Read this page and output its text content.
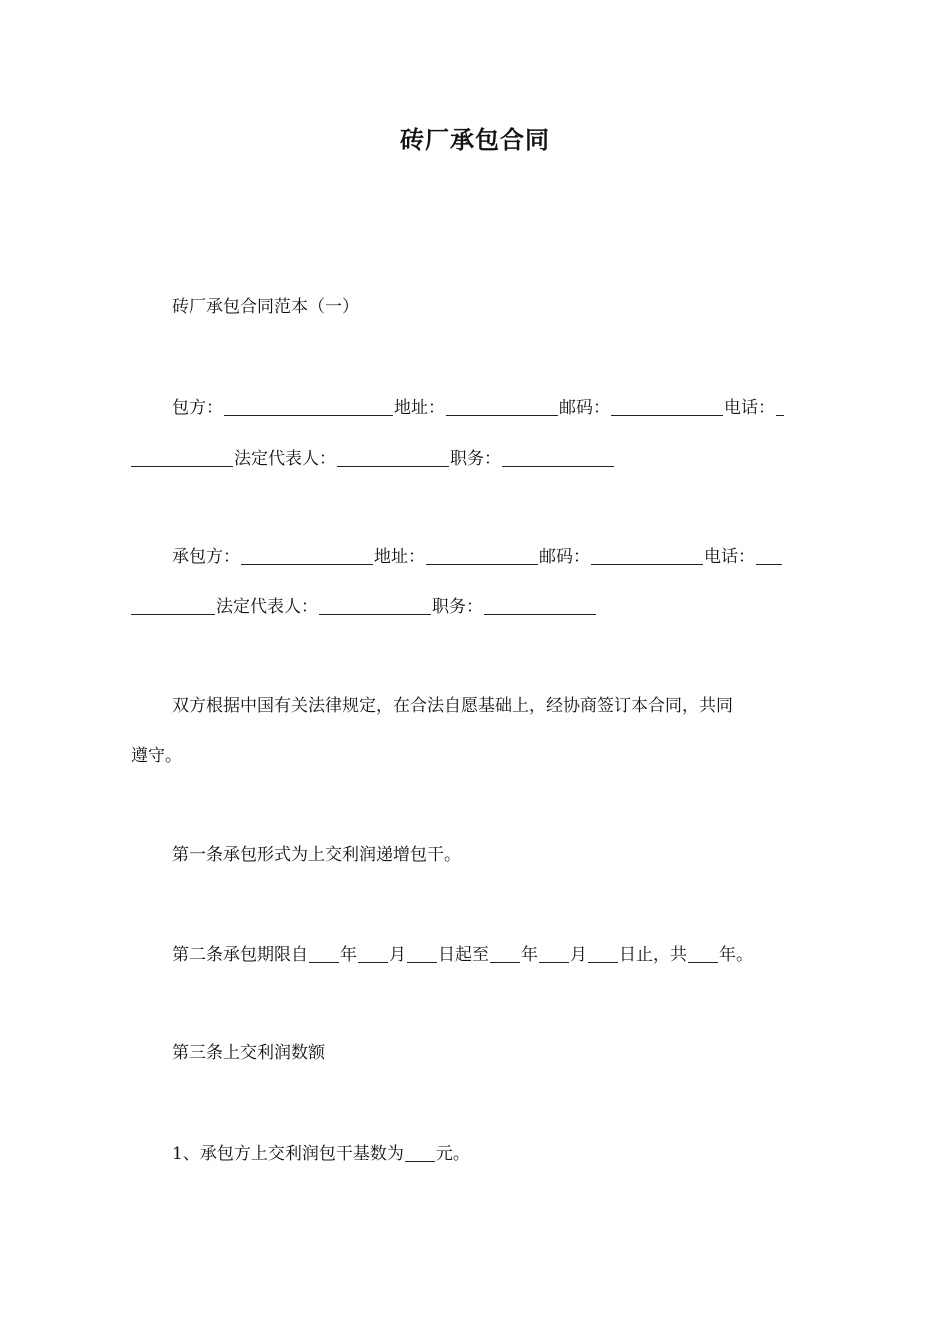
砖厂承包合同
砖厂承包合同范本（一）
包方：	地址：	邮码：	电话：
法定代表人：	职务：
承包方：	地址：	邮码：	电话：
法定代表人：	职务：
双方根据中国有关法律规定，在合法自愿基础上，经协商签订本合同，共同
遵守。
第一条承包形式为上交利润递增包干。
第二条承包期限自 年 月 日起至 年 月 日止，共 年。
第三条上交利润数额
1、承包方上交利润包干基数为 元。
